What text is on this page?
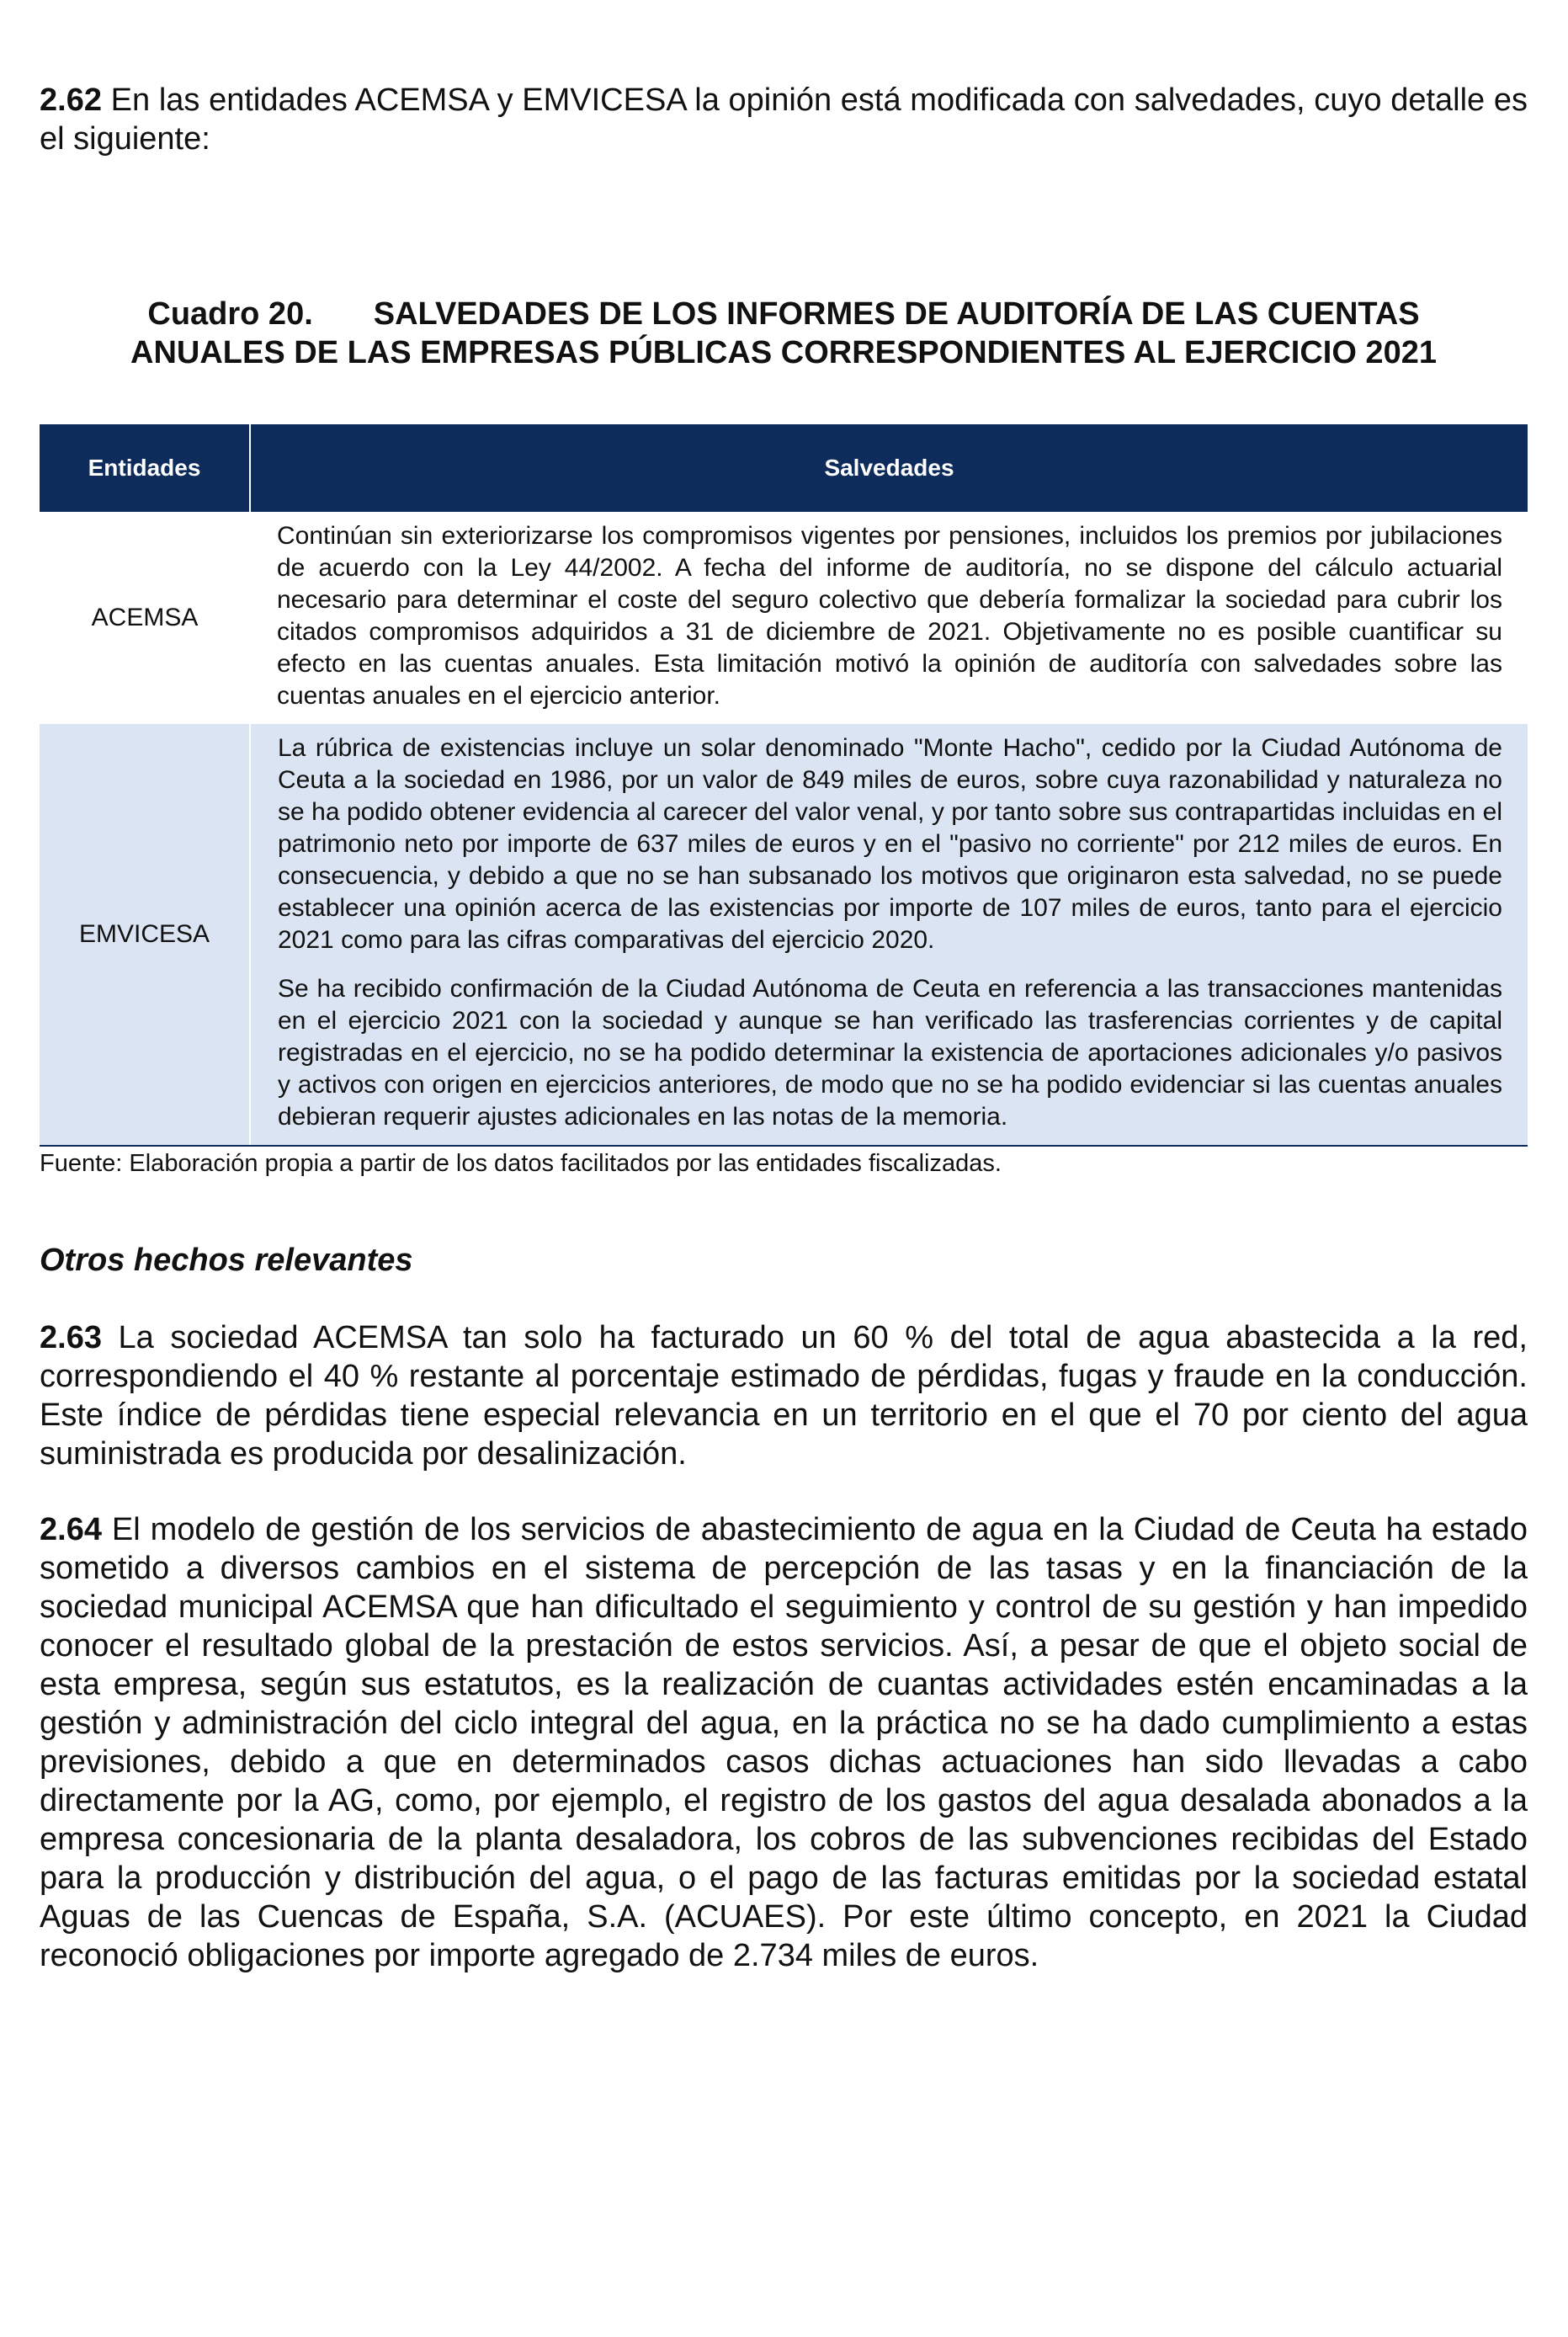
2.62 En las entidades ACEMSA y EMVICESA la opinión está modificada con salvedades, cuyo detalle es el siguiente:

Cuadro 20. SALVEDADES DE LOS INFORMES DE AUDITORÍA DE LAS CUENTAS
ANUALES DE LAS EMPRESAS PÚBLICAS CORRESPONDIENTES AL EJERCICIO 2021
Entidades	Salvedades
ACEMSA	Continúan sin exteriorizarse los compromisos vigentes por pensiones, incluidos los premios por jubilaciones de acuerdo con la Ley 44/2002. A fecha del informe de auditoría, no se dispone del cálculo actuarial necesario para determinar el coste del seguro colectivo que debería formalizar la sociedad para cubrir los citados compromisos adquiridos a 31 de diciembre de 2021. Objetivamente no es posible cuantificar su efecto en las cuentas anuales. Esta limitación motivó la opinión de auditoría con salvedades sobre las cuentas anuales en el ejercicio anterior.

EMVICESA	La rúbrica de existencias incluye un solar denominado "Monte Hacho", cedido por la Ciudad Autónoma de Ceuta a la sociedad en 1986, por un valor de 849 miles de euros, sobre cuya razonabilidad y naturaleza no se ha podido obtener evidencia al carecer del valor venal, y por tanto sobre sus contrapartidas incluidas en el patrimonio neto por importe de 637 miles de euros y en el "pasivo no corriente" por 212 miles de euros. En consecuencia, y debido a que no se han subsanado los motivos que originaron esta salvedad, no se puede establecer una opinión acerca de las existencias por importe de 107 miles de euros, tanto para el ejercicio 2021 como para las cifras comparativas del ejercicio 2020.

Se ha recibido confirmación de la Ciudad Autónoma de Ceuta en referencia a las transacciones mantenidas en el ejercicio 2021 con la sociedad y aunque se han verificado las trasferencias corrientes y de capital registradas en el ejercicio, no se ha podido determinar la existencia de aportaciones adicionales y/o pasivos y activos con origen en ejercicios anteriores, de modo que no se ha podido evidenciar si las cuentas anuales debieran requerir ajustes adicionales en las notas de la memoria.

Fuente: Elaboración propia a partir de los datos facilitados por las entidades fiscalizadas.
Otros hechos relevantes

2.63 La sociedad ACEMSA tan solo ha facturado un 60 % del total de agua abastecida a la red, correspondiendo el 40 % restante al porcentaje estimado de pérdidas, fugas y fraude en la conducción. Este índice de pérdidas tiene especial relevancia en un territorio en el que el 70 por ciento del agua suministrada es producida por desalinización.

2.64 El modelo de gestión de los servicios de abastecimiento de agua en la Ciudad de Ceuta ha estado sometido a diversos cambios en el sistema de percepción de las tasas y en la financiación de la sociedad municipal ACEMSA que han dificultado el seguimiento y control de su gestión y han impedido conocer el resultado global de la prestación de estos servicios. Así, a pesar de que el objeto social de esta empresa, según sus estatutos, es la realización de cuantas actividades estén encaminadas a la gestión y administración del ciclo integral del agua, en la práctica no se ha dado cumplimiento a estas previsiones, debido a que en determinados casos dichas actuaciones han sido llevadas a cabo directamente por la AG, como, por ejemplo, el registro de los gastos del agua desalada abonados a la empresa concesionaria de la planta desaladora, los cobros de las subvenciones recibidas del Estado para la producción y distribución del agua, o el pago de las facturas emitidas por la sociedad estatal Aguas de las Cuencas de España, S.A. (ACUAES). Por este último concepto, en 2021 la Ciudad reconoció obligaciones por importe agregado de 2.734 miles de euros.
